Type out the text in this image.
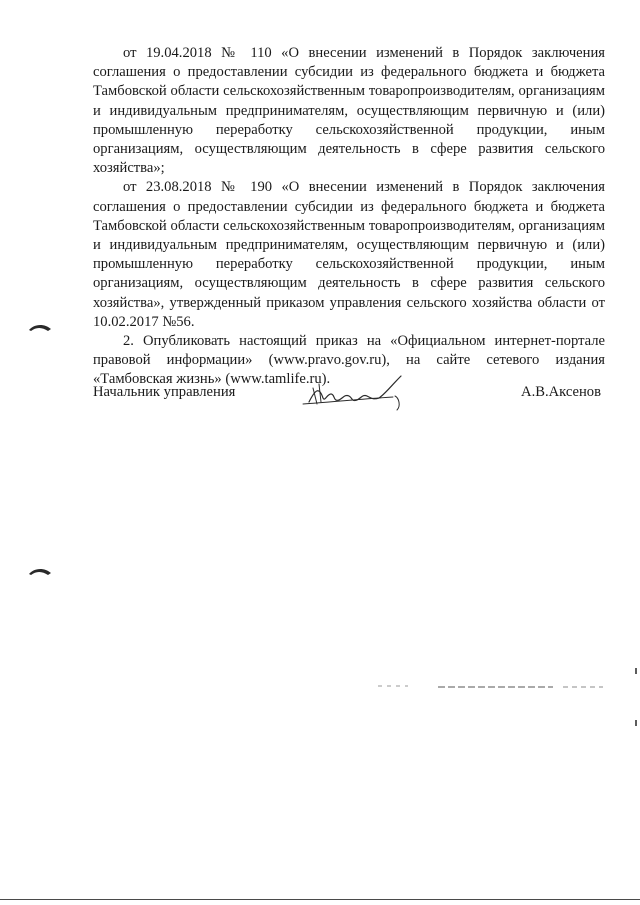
от 19.04.2018 № 110 «О внесении изменений в Порядок заключения соглашения о предоставлении субсидии из федерального бюджета и бюджета Тамбовской области сельскохозяйственным товаропроизводителям, организациям и индивидуальным предпринимателям, осуществляющим первичную и (или) промышленную переработку сельскохозяйственной продукции, иным организациям, осуществляющим деятельность в сфере развития сельского хозяйства»;

от 23.08.2018 № 190 «О внесении изменений в Порядок заключения соглашения о предоставлении субсидии из федерального бюджета и бюджета Тамбовской области сельскохозяйственным товаропроизводителям, организациям и индивидуальным предпринимателям, осуществляющим первичную и (или) промышленную переработку сельскохозяйственной продукции, иным организациям, осуществляющим деятельность в сфере развития сельского хозяйства», утвержденный приказом управления сельского хозяйства области от 10.02.2017 №56.

2. Опубликовать настоящий приказ на «Официальном интернет-портале правовой информации» (www.pravo.gov.ru), на сайте сетевого издания «Тамбовская жизнь» (www.tamlife.ru).

Начальник управления	А.В.Аксенов
